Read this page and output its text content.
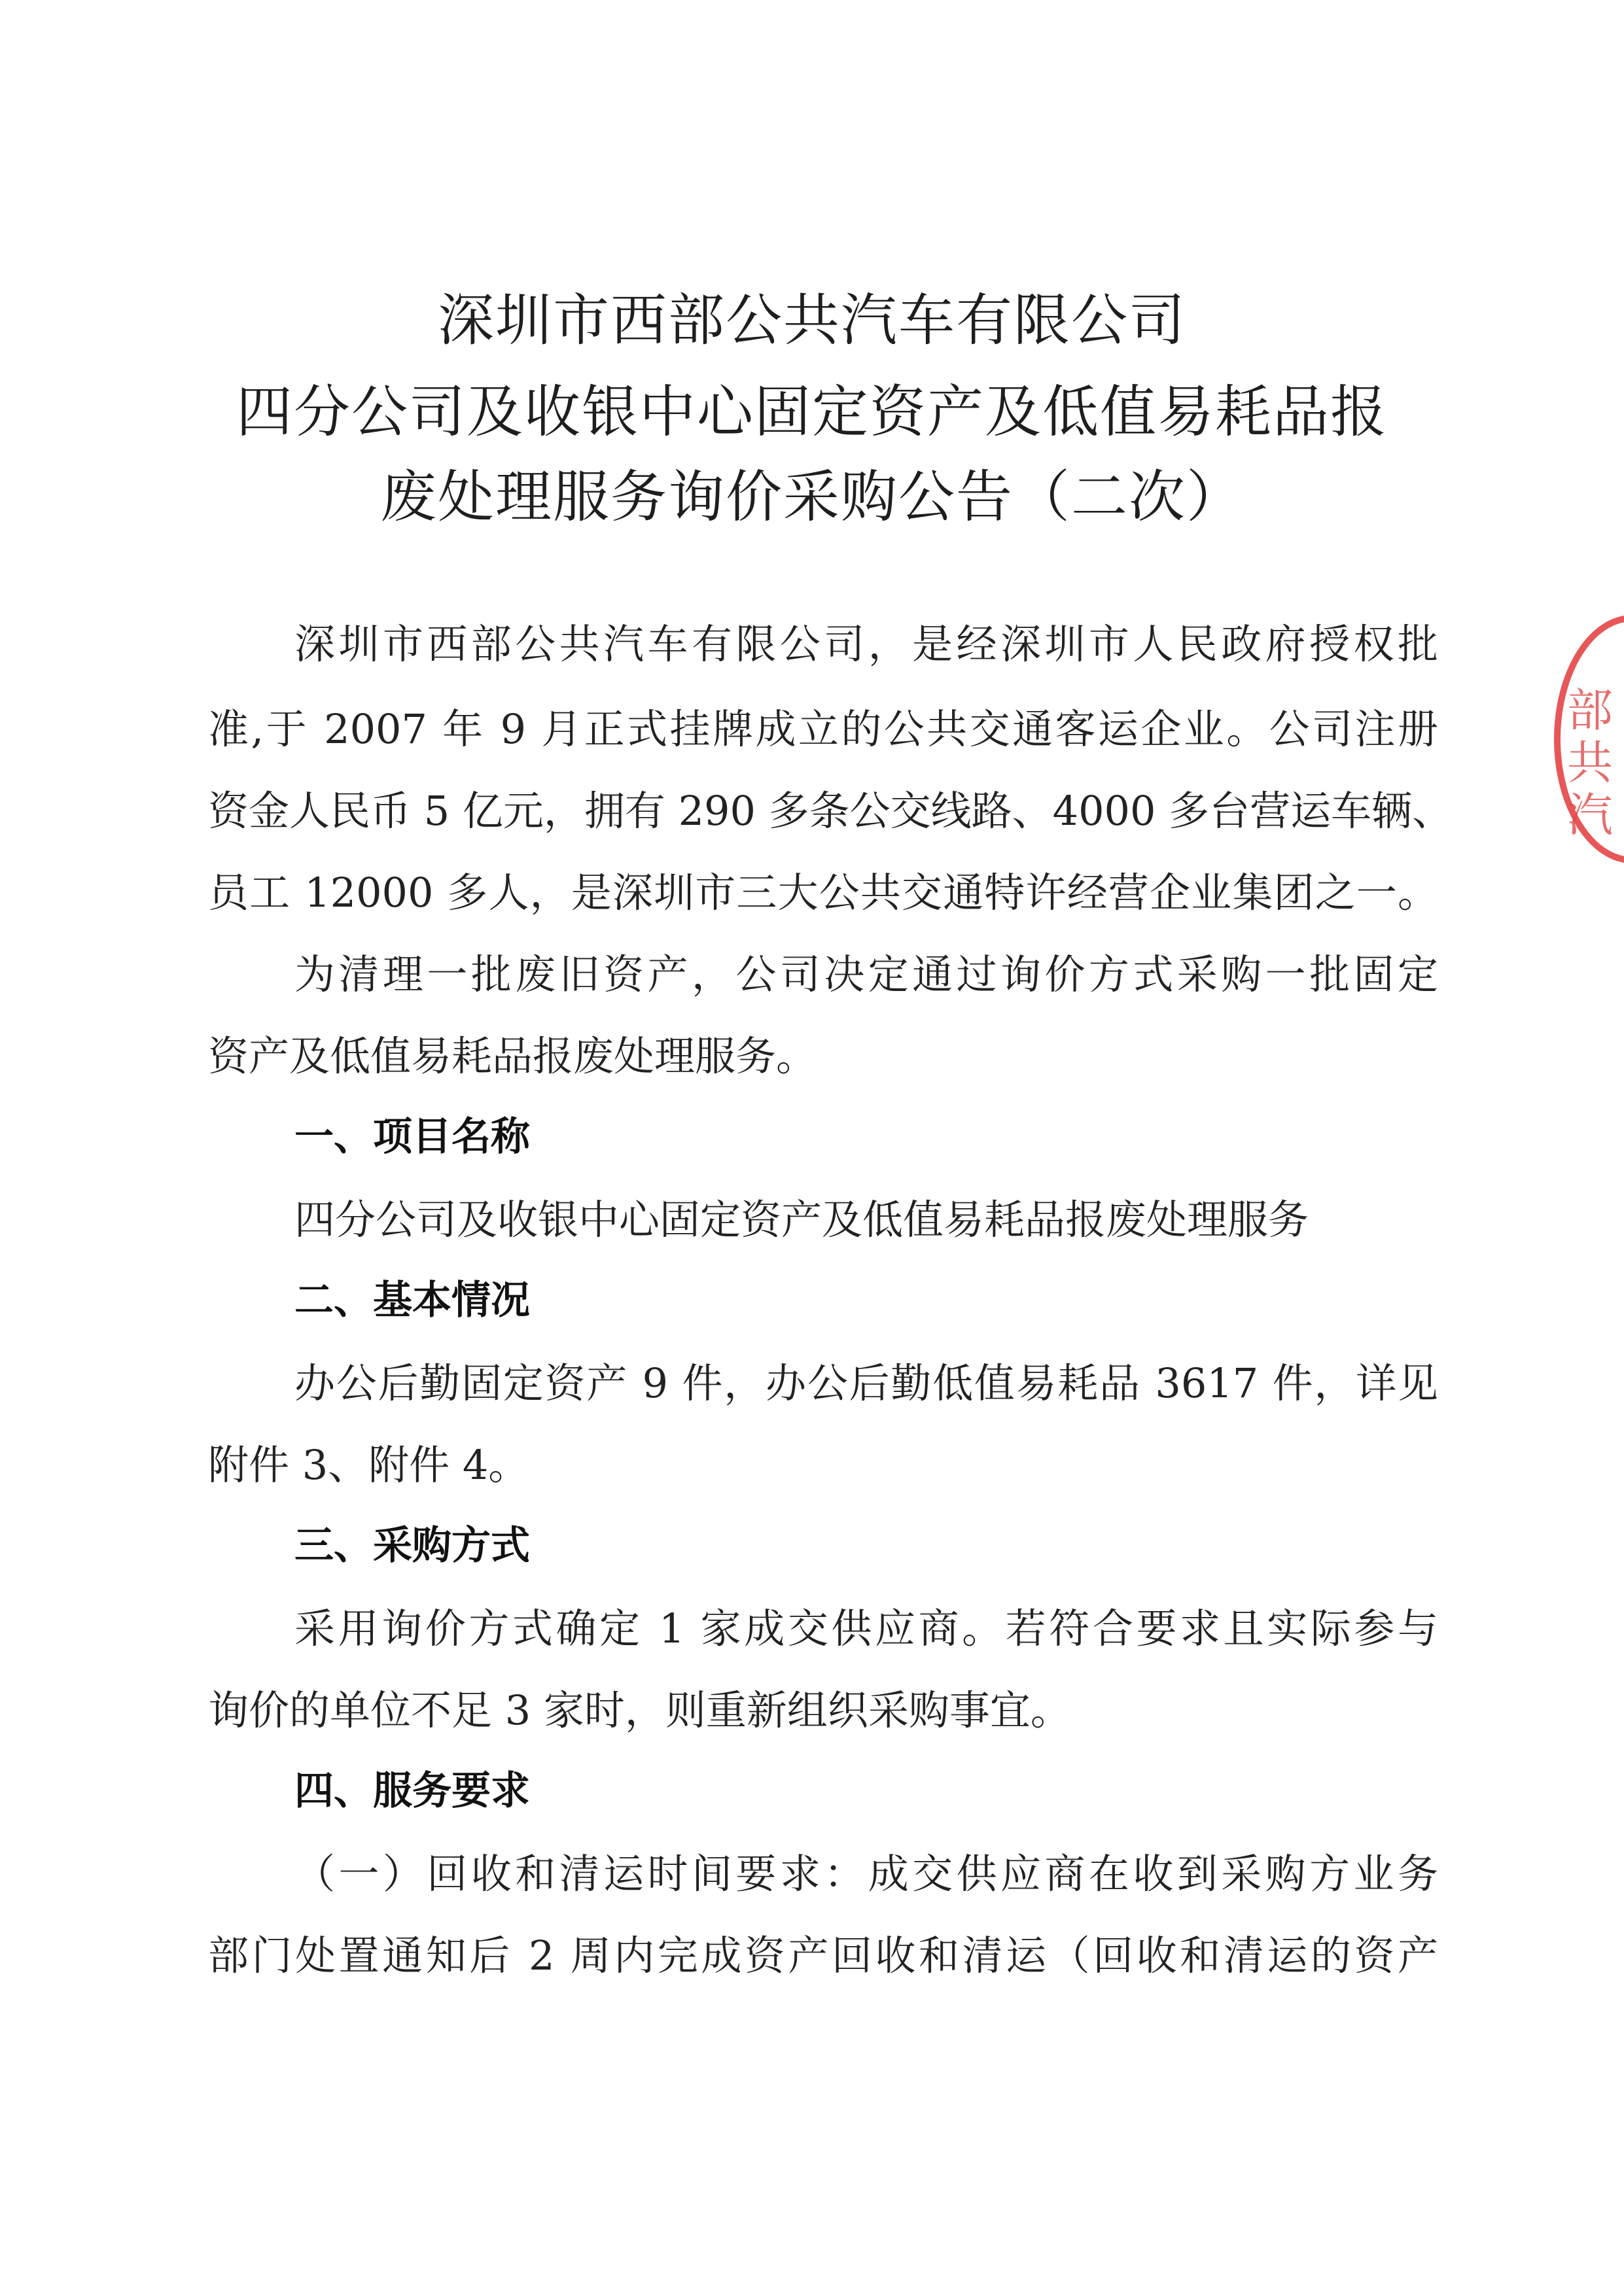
深圳市西部公共汽车有限公司
四分公司及收银中心固定资产及低值易耗品报
废处理服务询价采购公告（二次）
深圳市西部公共汽车有限公司，是经深圳市人民政府授权批
准,于 2007 年 9 月正式挂牌成立的公共交通客运企业。公司注册
资金人民币 5 亿元，拥有 290 多条公交线路、4000 多台营运车辆、
员工 12000 多人，是深圳市三大公共交通特许经营企业集团之一。
为清理一批废旧资产，公司决定通过询价方式采购一批固定
资产及低值易耗品报废处理服务。
一、项目名称
四分公司及收银中心固定资产及低值易耗品报废处理服务
二、基本情况
办公后勤固定资产 9 件，办公后勤低值易耗品 3617 件，详见
附件 3、附件 4。
三、采购方式
采用询价方式确定 1 家成交供应商。若符合要求且实际参与
询价的单位不足 3 家时，则重新组织采购事宜。
四、服务要求
（一）回收和清运时间要求：成交供应商在收到采购方业务
部门处置通知后 2 周内完成资产回收和清运（回收和清运的资产
部
共
汽
